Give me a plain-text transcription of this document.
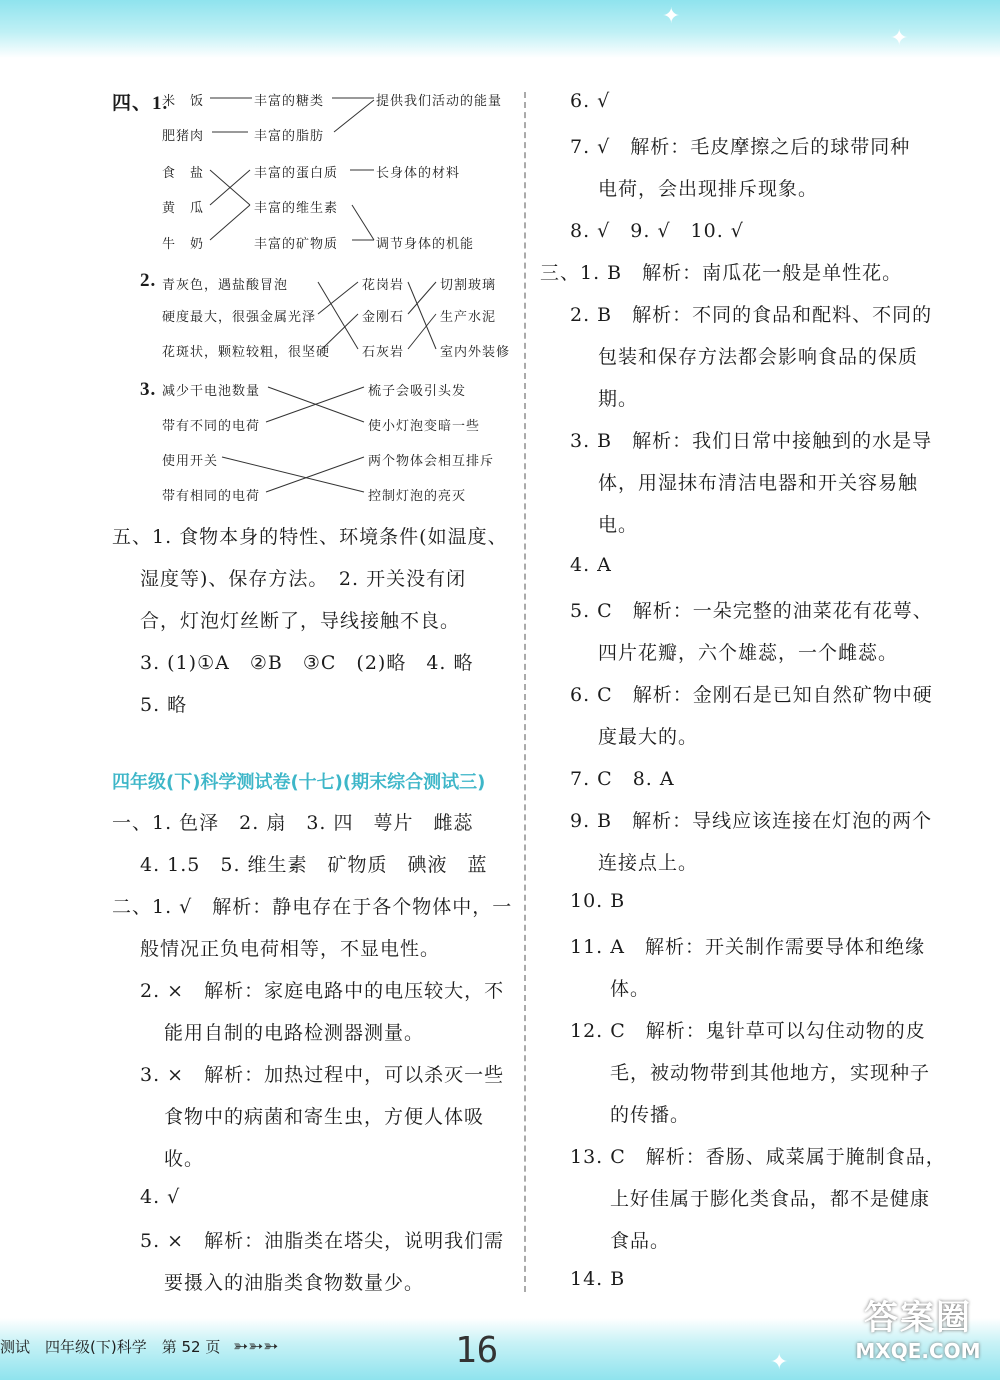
✦
✦
✦
四、1.
米　饭
肥猪肉
食　盐
黄　瓜
牛　奶
丰富的糖类
丰富的脂肪
丰富的蛋白质
丰富的维生素
丰富的矿物质
提供我们活动的能量
长身体的材料
调节身体的机能
2. 青灰色，遇盐酸冒泡
硬度最大，很强金属光泽
花斑状，颗粒较粗，很坚硬
花岗岩
金刚石
石灰岩
切割玻璃
生产水泥
室内外装修
3. 减少干电池数量
带有不同的电荷
使用开关
带有相同的电荷
梳子会吸引头发
使小灯泡变暗一些
两个物体会相互排斥
控制灯泡的亮灭
五、1. 食物本身的特性、环境条件(如温度、
湿度等)、保存方法。　2. 开关没有闭
合，灯泡灯丝断了，导线接触不良。
3. (1)①A　②B　③C　(2)略　4. 略
5. 略
四年级(下)科学测试卷(十七)(期末综合测试三)
一、1. 色泽　2. 扇　3. 四　萼片　雌蕊
4. 1.5　5. 维生素　矿物质　碘液　蓝
二、1. √　解析：静电存在于各个物体中，一
般情况正负电荷相等，不显电性。
2. ×　解析：家庭电路中的电压较大，不
能用自制的电路检测器测量。
3. ×　解析：加热过程中，可以杀灭一些
食物中的病菌和寄生虫，方便人体吸
收。
4. √
5. ×　解析：油脂类在塔尖，说明我们需
要摄入的油脂类食物数量少。
6. √
7. √　解析：毛皮摩擦之后的球带同种
电荷，会出现排斥现象。
8. √　9. √　10. √
三、1. B　解析：南瓜花一般是单性花。
2. B　解析：不同的食品和配料、不同的
包装和保存方法都会影响食品的保质
期。
3. B　解析：我们日常中接触到的水是导
体，用湿抹布清洁电器和开关容易触
电。
4. A
5. C　解析：一朵完整的油菜花有花萼、
四片花瓣，六个雄蕊，一个雌蕊。
6. C　解析：金刚石是已知自然矿物中硬
度最大的。
7. C　8. A
9. B　解析：导线应该连接在灯泡的两个
连接点上。
10. B
11. A　解析：开关制作需要导体和绝缘
体。
12. C　解析：鬼针草可以勾住动物的皮
毛，被动物带到其他地方，实现种子
的传播。
13. C　解析：香肠、咸菜属于腌制食品，
上好佳属于膨化类食品，都不是健康
食品。
14. B
测试　四年级(下)科学　第 52 页 ➳➳➳	16
答案圈
MXQE.COM
